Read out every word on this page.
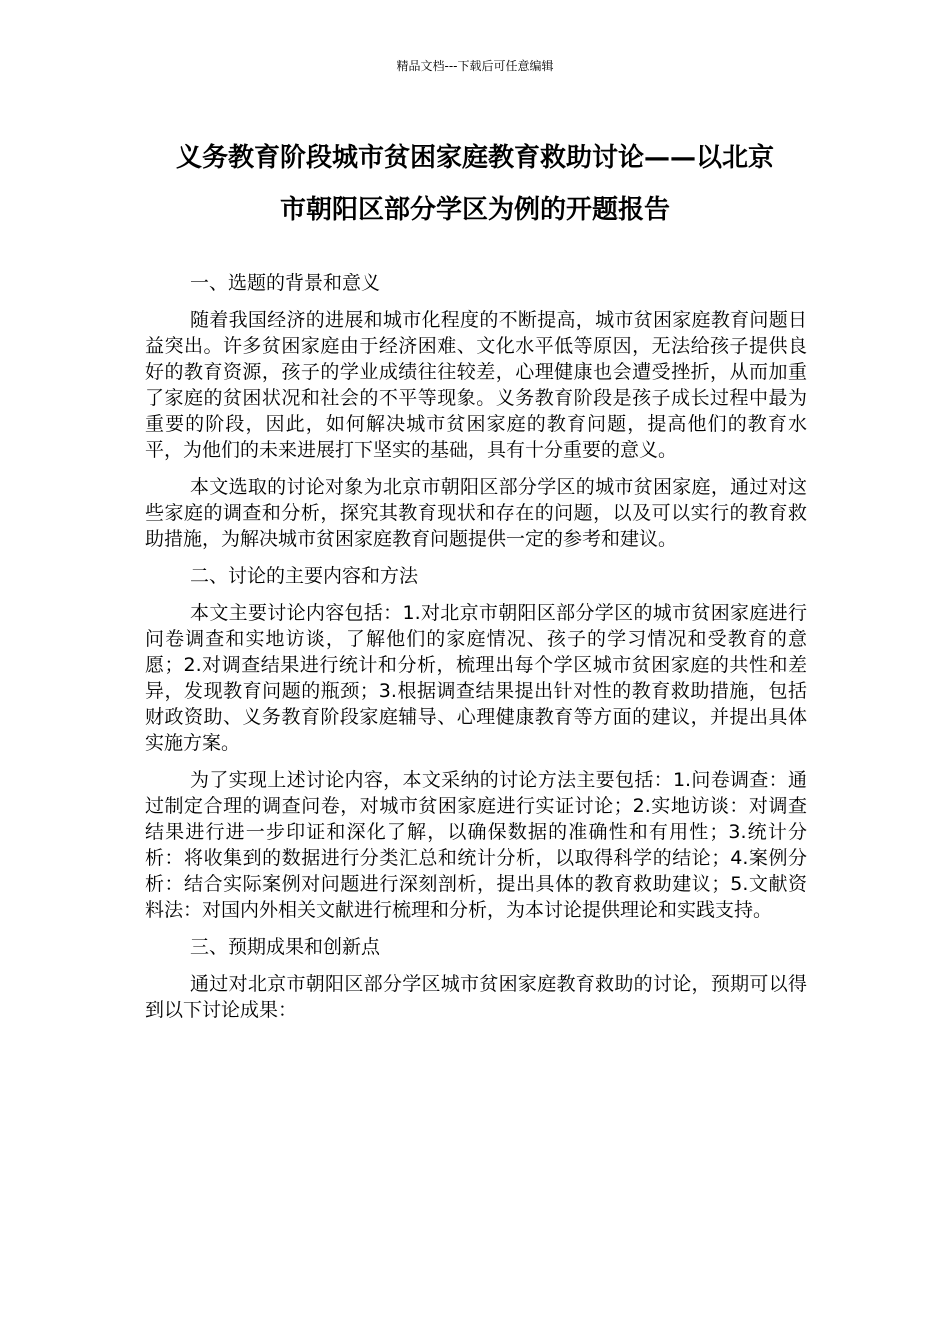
精品文档---下载后可任意编辑
义务教育阶段城市贫困家庭教育救助讨论——以北京
市朝阳区部分学区为例的开题报告

一、选题的背景和意义

随着我国经济的进展和城市化程度的不断提高，城市贫困家庭教育问题日益突出。许多贫困家庭由于经济困难、文化水平低等原因，无法给孩子提供良好的教育资源，孩子的学业成绩往往较差，心理健康也会遭受挫折，从而加重了家庭的贫困状况和社会的不平等现象。义务教育阶段是孩子成长过程中最为重要的阶段，因此，如何解决城市贫困家庭的教育问题，提高他们的教育水平，为他们的未来进展打下坚实的基础，具有十分重要的意义。

本文选取的讨论对象为北京市朝阳区部分学区的城市贫困家庭，通过对这些家庭的调查和分析，探究其教育现状和存在的问题，以及可以实行的教育救助措施，为解决城市贫困家庭教育问题提供一定的参考和建议。

二、讨论的主要内容和方法

本文主要讨论内容包括：1.对北京市朝阳区部分学区的城市贫困家庭进行问卷调查和实地访谈，了解他们的家庭情况、孩子的学习情况和受教育的意愿；2.对调查结果进行统计和分析，梳理出每个学区城市贫困家庭的共性和差异，发现教育问题的瓶颈；3.根据调查结果提出针对性的教育救助措施，包括财政资助、义务教育阶段家庭辅导、心理健康教育等方面的建议，并提出具体实施方案。

为了实现上述讨论内容，本文采纳的讨论方法主要包括：1.问卷调查：通过制定合理的调查问卷，对城市贫困家庭进行实证讨论；2.实地访谈：对调查结果进行进一步印证和深化了解，以确保数据的准确性和有用性；3.统计分析：将收集到的数据进行分类汇总和统计分析，以取得科学的结论；4.案例分析：结合实际案例对问题进行深刻剖析，提出具体的教育救助建议；5.文献资料法：对国内外相关文献进行梳理和分析，为本讨论提供理论和实践支持。

三、预期成果和创新点

通过对北京市朝阳区部分学区城市贫困家庭教育救助的讨论，预期可以得到以下讨论成果：
